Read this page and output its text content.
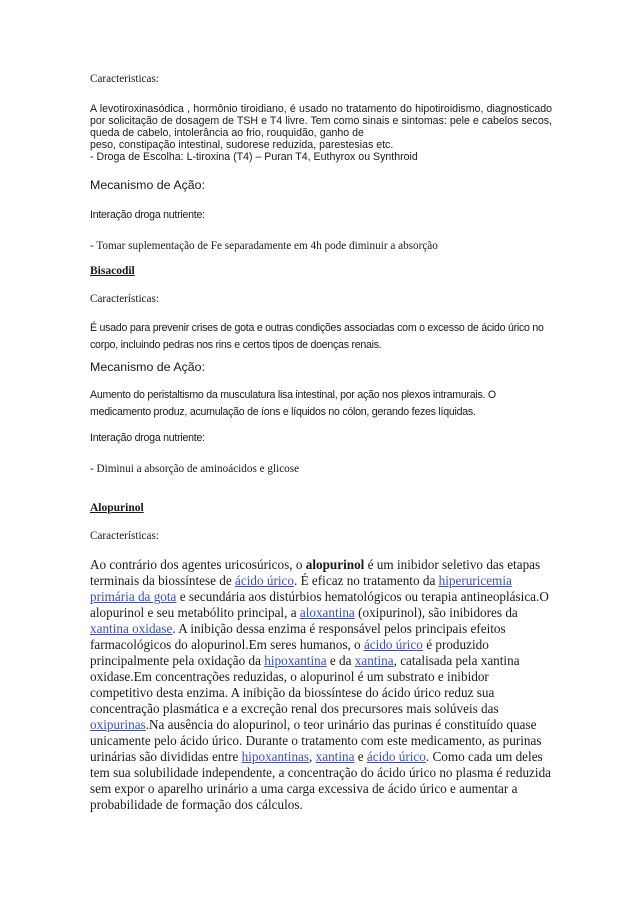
Caracteristicas:

A levotiroxinasódica , hormônio tiroidiano, é usado no tratamento do hipotiroidismo, diagnosticado por solicitação de dosagem de TSH e T4 livre. Tem como sinais e sintomas: pele e cabelos secos, queda de cabelo, intolerância ao frio, rouquidão, ganho de

peso, constipação intestinal, sudorese reduzida, parestesias etc.

- Droga de Escolha: L-tiroxina (T4) – Puran T4, Euthyrox ou Synthroid

Mecanismo de Ação:

Interação droga nutriente:

- Tomar suplementação de Fe separadamente em 4h pode diminuir a absorção

Bisacodil

Características:

É usado para prevenir crises de gota e outras condições associadas com o excesso de ácido úrico no corpo, incluindo pedras nos rins e certos tipos de doenças renais.

Mecanismo de Ação:

Aumento do peristaltismo da musculatura lisa intestinal, por ação nos plexos intramurais. O medicamento produz, acumulação de íons e líquidos no cólon, gerando fezes líquidas.

Interação droga nutriente:

- Diminui a absorção de aminoácidos e glicose

Alopurinol

Características:

Ao contrário dos agentes uricosúricos, o alopurinol é um inibidor seletivo das etapas terminais da biossíntese de ácido úrico. É eficaz no tratamento da hiperuricemia primária da gota e secundária aos distúrbios hematológicos ou terapia antineoplásica.O alopurinol e seu metabólito principal, a aloxantina (oxipurinol), são inibidores da xantina oxidase. A inibição dessa enzima é responsável pelos principais efeitos farmacológicos do alopurinol.Em seres humanos, o ácido úrico é produzido principalmente pela oxidação da hipoxantina e da xantina, catalisada pela xantina oxidase.Em concentrações reduzidas, o alopurinol é um substrato e inibidor competitivo desta enzima. A inibição da biossíntese do ácido úrico reduz sua concentração plasmática e a excreção renal dos precursores mais solúveis das oxipurinas.Na ausência do alopurinol, o teor urinário das purinas é constituído quase unicamente pelo ácido úrico. Durante o tratamento com este medicamento, as purinas urinárias são divididas entre hipoxantinas, xantina e ácido úrico. Como cada um deles tem sua solubilidade independente, a concentração do ácido úrico no plasma é reduzida sem expor o aparelho urinário a uma carga excessiva de ácido úrico e aumentar a probabilidade de formação dos cálculos.
